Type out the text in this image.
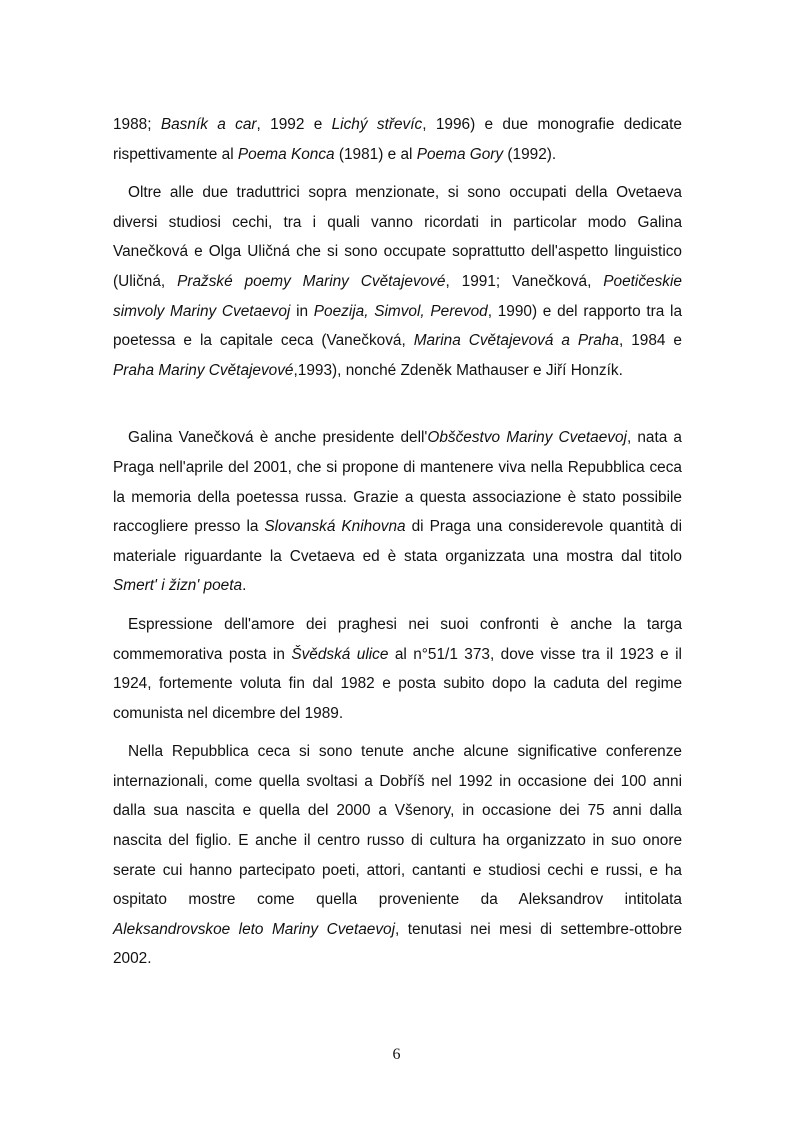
1988; Basník a car, 1992 e Lichý střevíc, 1996) e due monografie dedicate rispettivamente al Poema Konca (1981) e al Poema Gory (1992).

Oltre alle due traduttrici sopra menzionate, si sono occupati della Ovetaeva diversi studiosi cechi, tra i quali vanno ricordati in particolar modo Galina Vanečková e Olga Uličná che si sono occupate soprattutto dell'aspetto linguistico (Uličná, Pražské poemy Mariny Cvětajevové, 1991; Vanečková, Poetičeskie simvoly Mariny Cvetaevoj in Poezija, Simvol, Perevod, 1990) e del rapporto tra la poetessa e la capitale ceca (Vanečková, Marina Cvětajevová a Praha, 1984 e Praha Mariny Cvětajevové,1993), nonché Zdeněk Mathauser e Jiří Honzík.

Galina Vanečková è anche presidente dell'Obščestvo Mariny Cvetaevoj, nata a Praga nell'aprile del 2001, che si propone di mantenere viva nella Repubblica ceca la memoria della poetessa russa. Grazie a questa associazione è stato possibile raccogliere presso la Slovanská Knihovna di Praga una considerevole quantità di materiale riguardante la Cvetaeva ed è stata organizzata una mostra dal titolo Smert' i žizn' poeta.

Espressione dell'amore dei praghesi nei suoi confronti è anche la targa commemorativa posta in Švědská ulice al n°51/1 373, dove visse tra il 1923 e il 1924, fortemente voluta fin dal 1982 e posta subito dopo la caduta del regime comunista nel dicembre del 1989.

Nella Repubblica ceca si sono tenute anche alcune significative conferenze internazionali, come quella svoltasi a Dobříš nel 1992 in occasione dei 100 anni dalla sua nascita e quella del 2000 a Všenory, in occasione dei 75 anni dalla nascita del figlio. E anche il centro russo di cultura ha organizzato in suo onore serate cui hanno partecipato poeti, attori, cantanti e studiosi cechi e russi, e ha ospitato mostre come quella proveniente da Aleksandrov intitolata Aleksandrovskoe leto Mariny Cvetaevoj, tenutasi nei mesi di settembre-ottobre 2002.

6
